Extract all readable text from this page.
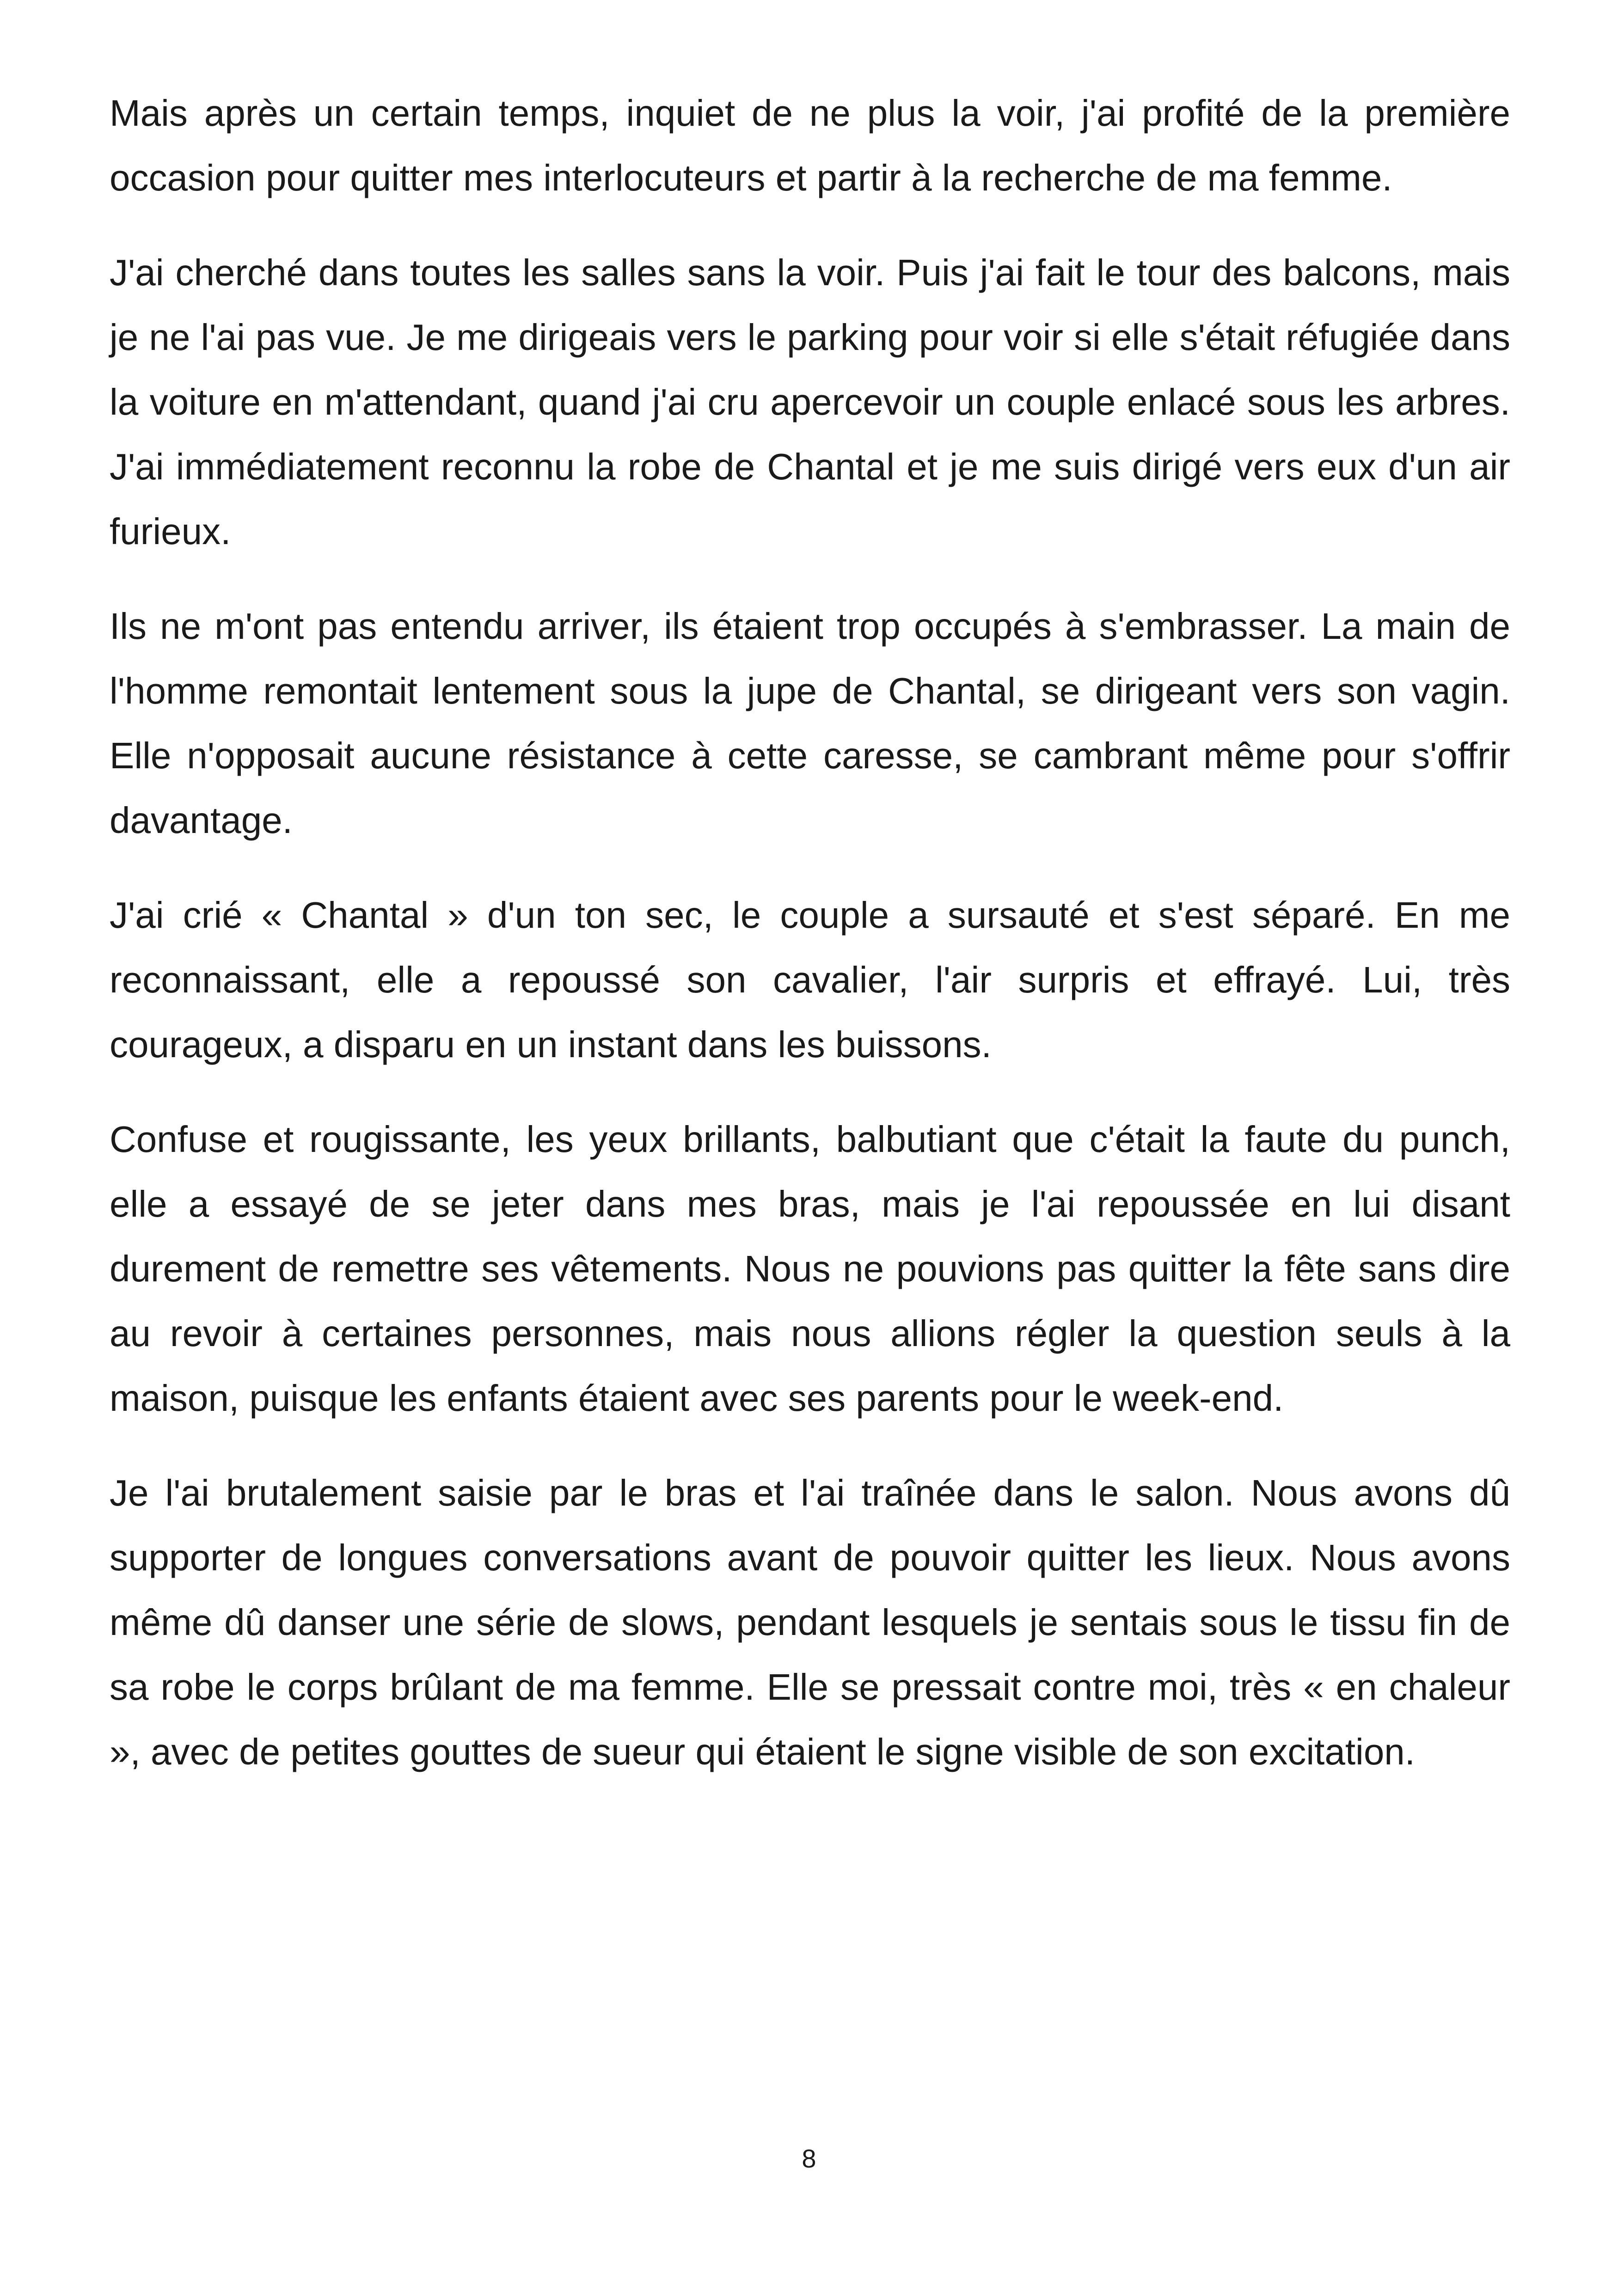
Mais après un certain temps, inquiet de ne plus la voir, j'ai profité de la première occasion pour quitter mes interlocuteurs et partir à la recherche de ma femme.

J'ai cherché dans toutes les salles sans la voir. Puis j'ai fait le tour des balcons, mais je ne l'ai pas vue. Je me dirigeais vers le parking pour voir si elle s'était réfugiée dans la voiture en m'attendant, quand j'ai cru apercevoir un couple enlacé sous les arbres. J'ai immédiatement reconnu la robe de Chantal et je me suis dirigé vers eux d'un air furieux.

Ils ne m'ont pas entendu arriver, ils étaient trop occupés à s'embrasser. La main de l'homme remontait lentement sous la jupe de Chantal, se dirigeant vers son vagin. Elle n'opposait aucune résistance à cette caresse, se cambrant même pour s'offrir davantage.

J'ai crié « Chantal » d'un ton sec, le couple a sursauté et s'est séparé. En me reconnaissant, elle a repoussé son cavalier, l'air surpris et effrayé. Lui, très courageux, a disparu en un instant dans les buissons.

Confuse et rougissante, les yeux brillants, balbutiant que c'était la faute du punch, elle a essayé de se jeter dans mes bras, mais je l'ai repoussée en lui disant durement de remettre ses vêtements. Nous ne pouvions pas quitter la fête sans dire au revoir à certaines personnes, mais nous allions régler la question seuls à la maison, puisque les enfants étaient avec ses parents pour le week-end.

Je l'ai brutalement saisie par le bras et l'ai traînée dans le salon. Nous avons dû supporter de longues conversations avant de pouvoir quitter les lieux. Nous avons même dû danser une série de slows, pendant lesquels je sentais sous le tissu fin de sa robe le corps brûlant de ma femme. Elle se pressait contre moi, très « en chaleur », avec de petites gouttes de sueur qui étaient le signe visible de son excitation.

8
